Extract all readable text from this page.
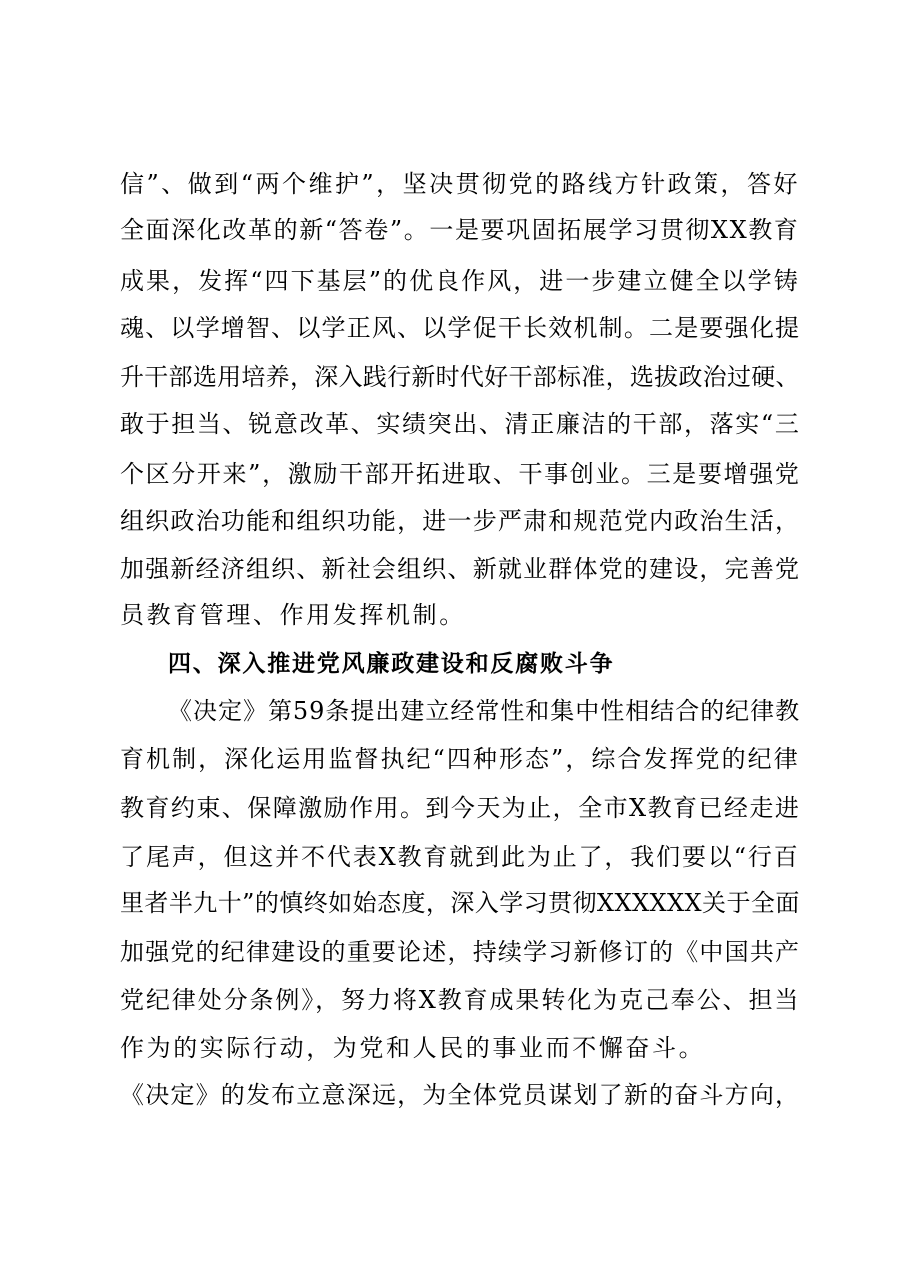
信”、做到“两个维护”，坚决贯彻党的路线方针政策，答好
全面深化改革的新“答卷”。一是要巩固拓展学习贯彻XX教育
成果，发挥“四下基层”的优良作风，进一步建立健全以学铸
魂、以学增智、以学正风、以学促干长效机制。二是要强化提
升干部选用培养，深入践行新时代好干部标准，选拔政治过硬、
敢于担当、锐意改革、实绩突出、清正廉洁的干部，落实“三
个区分开来”，激励干部开拓进取、干事创业。三是要增强党
组织政治功能和组织功能，进一步严肃和规范党内政治生活，
加强新经济组织、新社会组织、新就业群体党的建设，完善党
员教育管理、作用发挥机制。
四、深入推进党风廉政建设和反腐败斗争
《决定》第59条提出建立经常性和集中性相结合的纪律教
育机制，深化运用监督执纪“四种形态”，综合发挥党的纪律
教育约束、保障激励作用。到今天为止，全市X教育已经走进
了尾声，但这并不代表X教育就到此为止了，我们要以“行百
里者半九十”的慎终如始态度，深入学习贯彻XXXXXX关于全面
加强党的纪律建设的重要论述，持续学习新修订的《中国共产
党纪律处分条例》，努力将X教育成果转化为克己奉公、担当
作为的实际行动，为党和人民的事业而不懈奋斗。
《决定》的发布立意深远，为全体党员谋划了新的奋斗方向，
